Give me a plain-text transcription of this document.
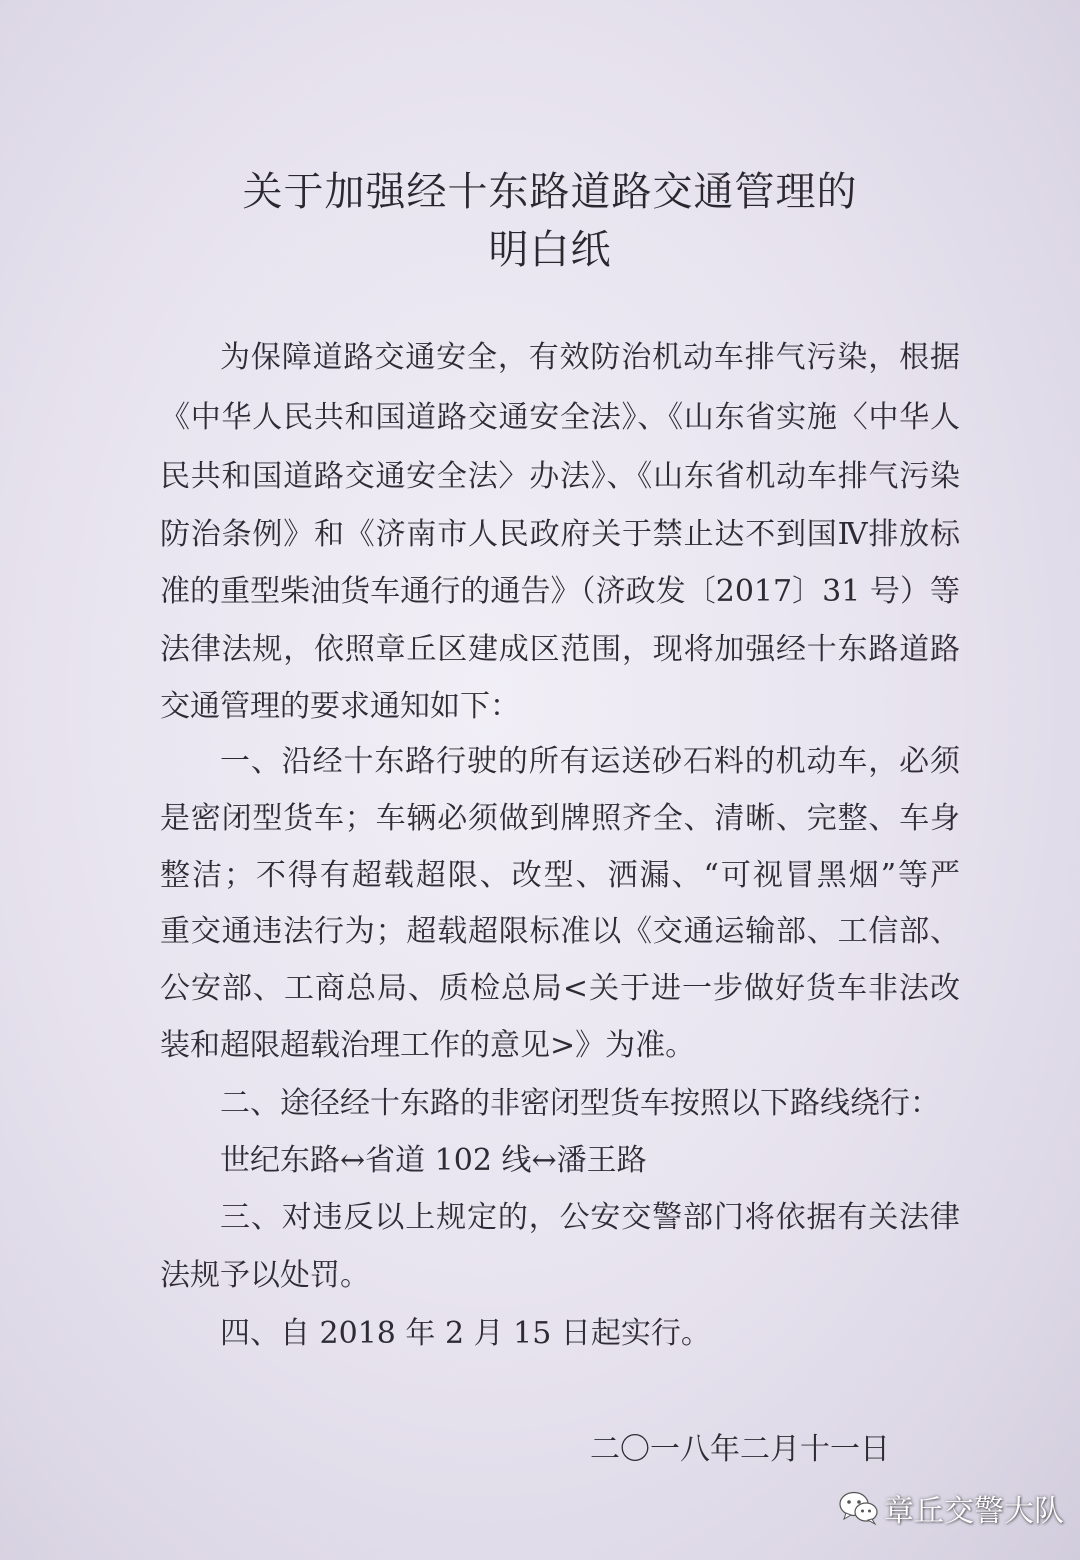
关于加强经十东路道路交通管理的
明白纸
为保障道路交通安全，有效防治机动车排气污染，根据
《中华人民共和国道路交通安全法》、《山东省实施〈中华人
民共和国道路交通安全法〉办法》、《山东省机动车排气污染
防治条例》和《济南市人民政府关于禁止达不到国Ⅳ排放标
准的重型柴油货车通行的通告》（济政发〔2017〕31 号）等
法律法规，依照章丘区建成区范围，现将加强经十东路道路
交通管理的要求通知如下：
一、沿经十东路行驶的所有运送砂石料的机动车，必须
是密闭型货车；车辆必须做到牌照齐全、清晰、完整、车身
整洁；不得有超载超限、改型、洒漏、“可视冒黑烟”等严
重交通违法行为；超载超限标准以《交通运输部、工信部、
公安部、工商总局、质检总局<关于进一步做好货车非法改
装和超限超载治理工作的意见>》为准。
二、途径经十东路的非密闭型货车按照以下路线绕行：
世纪东路↔省道 102 线↔潘王路
三、对违反以上规定的，公安交警部门将依据有关法律
法规予以处罚。
四、自 2018 年 2 月 15 日起实行。
二〇一八年二月十一日
章丘交警大队
